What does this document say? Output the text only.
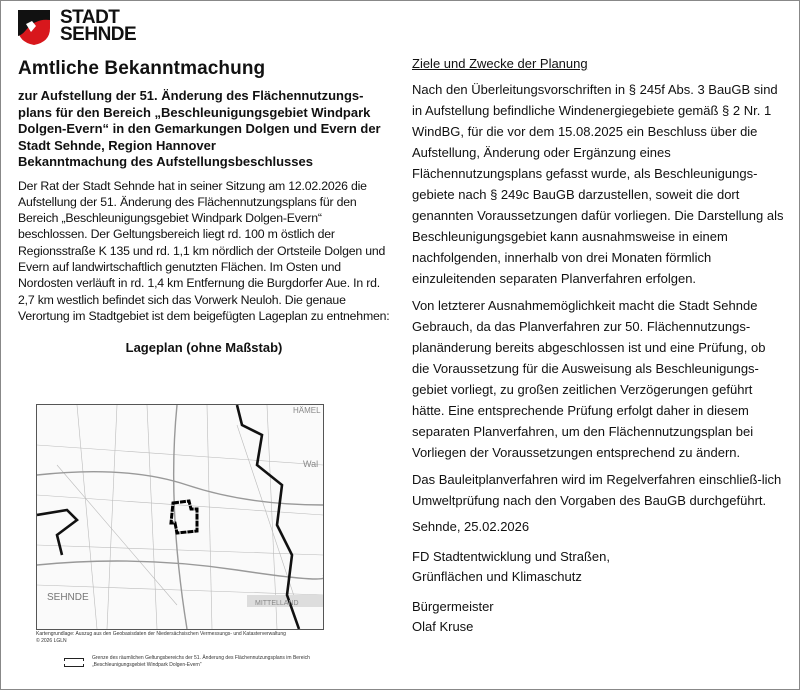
STADT
SEHNDE
Amtliche Bekanntmachung
zur Aufstellung der 51. Änderung des Flächennutzungs-plans für den Bereich „Beschleunigungsgebiet Windpark Dolgen-Evern“ in den Gemarkungen Dolgen und Evern der Stadt Sehnde, Region Hannover
Bekanntmachung des Aufstellungsbeschlusses
Der Rat der Stadt Sehnde hat in seiner Sitzung am 12.02.2026 die Aufstellung der 51. Änderung des Flächennutzungsplans für den Bereich „Beschleunigungsgebiet Windpark Dolgen-Evern“ beschlossen. Der Geltungsbereich liegt rd. 100 m östlich der Regionsstraße K 135 und rd. 1,1 km nördlich der Ortsteile Dolgen und Evern auf landwirtschaftlich genutzten Flächen. Im Osten und Nordosten verläuft in rd. 1,4 km Entfernung die Burgdorfer Aue. In rd. 2,7 km westlich befindet sich das Vorwerk Neuloh. Die genaue Verortung im Stadtgebiet ist dem beigefügten Lageplan zu entnehmen:
Lageplan (ohne Maßstab)
HÄMEL
Wal
SEHNDE
MITTELLAND
Kartengrundlage: Auszug aus den Geobasisdaten der Niedersächsischen Vermessungs- und Katasterverwaltung
© 2026 LGLN
Grenze des räumlichen Geltungsbereichs der 51. Änderung des Flächennutzungsplans im Bereich „Beschleunigungsgebiet Windpark Dolgen-Evern“
Ziele und Zwecke der Planung

Nach den Überleitungsvorschriften in § 245f Abs. 3 BauGB sind in Aufstellung befindliche Windenergiegebiete gemäß § 2 Nr. 1 WindBG, für die vor dem 15.08.2025 ein Beschluss über die Aufstellung, Änderung oder Ergänzung eines Flächennutzungsplans gefasst wurde, als Beschleunigungs-gebiete nach § 249c BauGB darzustellen, soweit die dort genannten Voraussetzungen dafür vorliegen. Die Darstellung als Beschleunigungsgebiet kann ausnahmsweise in einem nachfolgenden, innerhalb von drei Monaten förmlich einzuleitenden separaten Planverfahren erfolgen.

Von letzterer Ausnahmemöglichkeit macht die Stadt Sehnde Gebrauch, da das Planverfahren zur 50. Flächennutzungs-planänderung bereits abgeschlossen ist und eine Prüfung, ob die Voraussetzung für die Ausweisung als Beschleunigungs-gebiet vorliegt, zu großen zeitlichen Verzögerungen geführt hätte. Eine entsprechende Prüfung erfolgt daher in diesem separaten Planverfahren, um den Flächennutzungsplan bei Vorliegen der Voraussetzungen entsprechend zu ändern.

Das Bauleitplanverfahren wird im Regelverfahren einschließ-lich Umweltprüfung nach den Vorgaben des BauGB durchgeführt.

Sehnde, 25.02.2026
FD Stadtentwicklung und Straßen,
Grünflächen und Klimaschutz
Bürgermeister
Olaf Kruse
